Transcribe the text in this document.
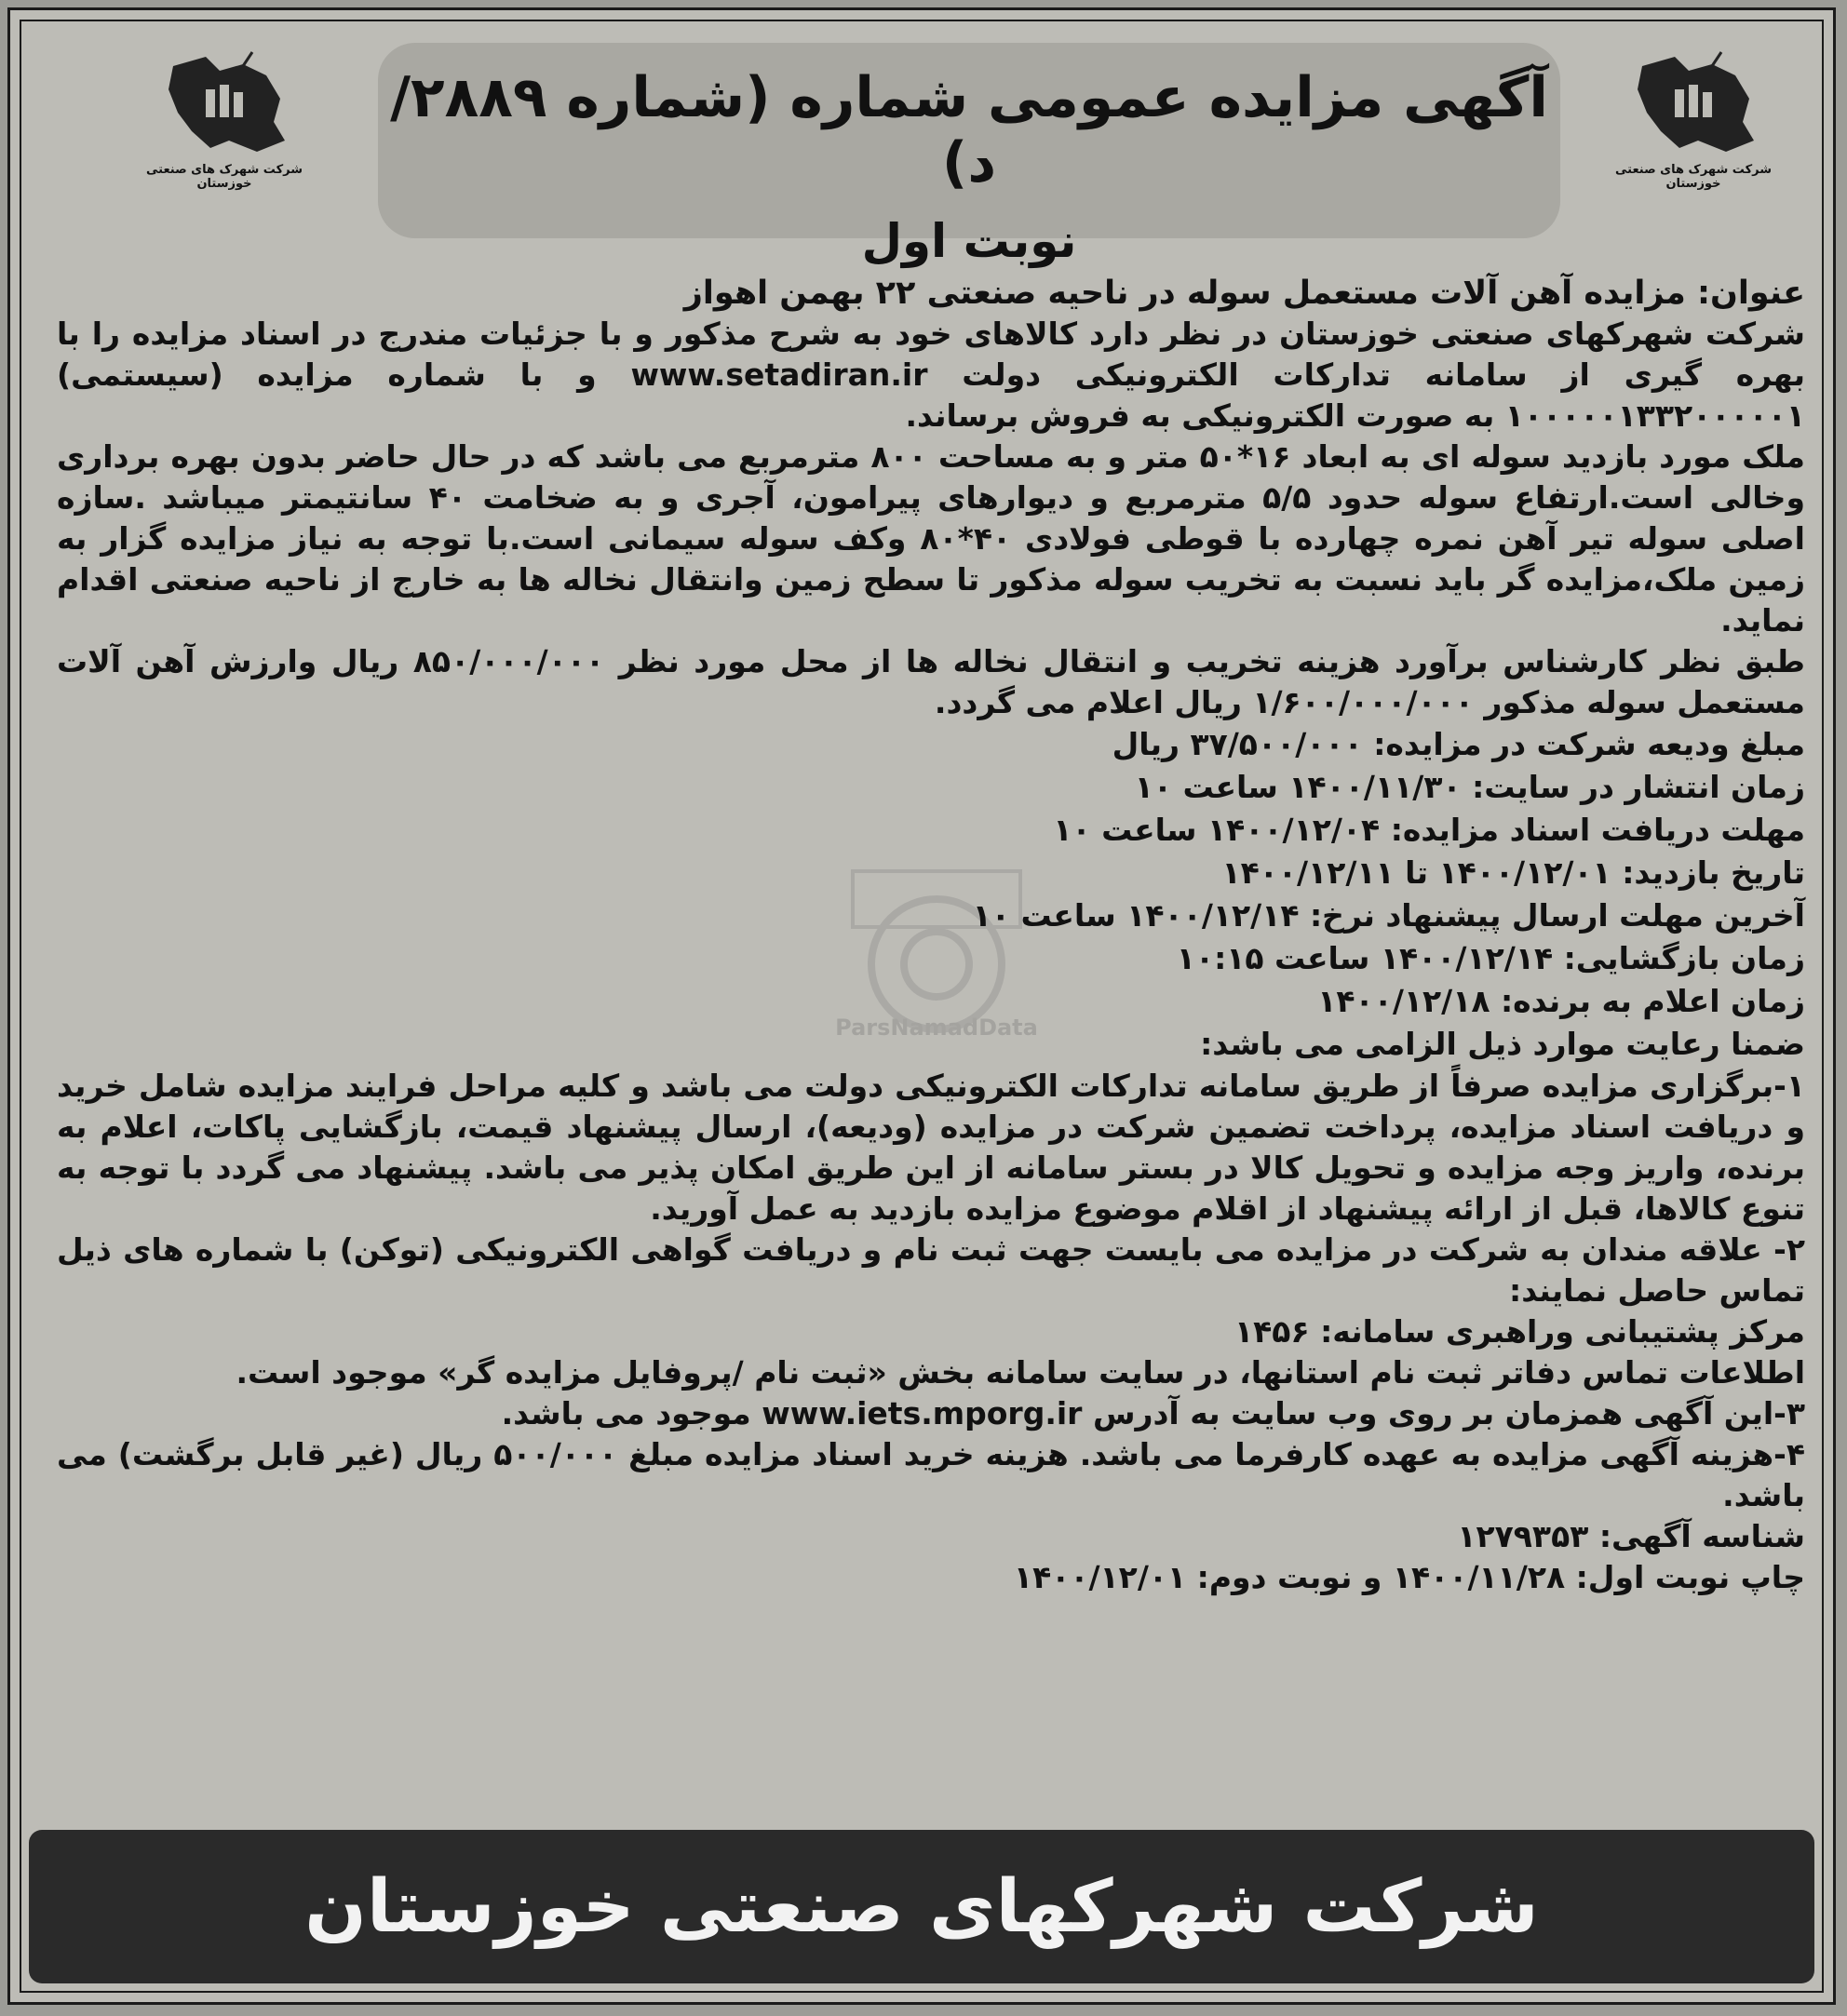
شرکت شهرک های صنعتی خوزستان
شرکت شهرک های صنعتی خوزستان
آگهی مزایده عمومی شماره (شماره ۲۸۸۹/د)
نوبت اول
ParsNamadData

عنوان: مزایده آهن آلات مستعمل سوله در ناحیه صنعتی ۲۲ بهمن اهواز

شرکت شهرکهای صنعتی خوزستان در نظر دارد کالاهای خود به شرح مذکور و با جزئیات مندرج در اسناد مزایده را با بهره گیری از سامانه تدارکات الکترونیکی دولت www.setadiran.ir و با شماره مزایده (سیستمی) ۱۰۰۰۰۰۱۳۳۲۰۰۰۰۰۱ به صورت الکترونیکی به فروش برساند.

ملک مورد بازدید سوله ای به ابعاد ۱۶*۵۰ متر و به مساحت ۸۰۰ مترمربع می باشد که در حال حاضر بدون بهره برداری وخالی است.ارتفاع سوله حدود ۵/۵ مترمربع و دیوارهای پیرامون، آجری و به ضخامت ۴۰ سانتیمتر میباشد .سازه اصلی سوله تیر آهن نمره چهارده با قوطی فولادی ۴۰*۸۰ وکف سوله سیمانی است.با توجه به نیاز مزایده گزار به زمین ملک،مزایده گر باید نسبت به تخریب سوله مذکور تا سطح زمین وانتقال نخاله ها به خارج از ناحیه صنعتی اقدام نماید.

طبق نظر کارشناس برآورد هزینه تخریب و انتقال نخاله ها از محل مورد نظر ۸۵۰/۰۰۰/۰۰۰ ریال وارزش آهن آلات مستعمل سوله مذکور ۱/۶۰۰/۰۰۰/۰۰۰ ریال اعلام می گردد.

مبلغ ودیعه شرکت در مزایده: ۳۷/۵۰۰/۰۰۰ ریال

زمان انتشار در سایت: ۱۴۰۰/۱۱/۳۰ ساعت ۱۰

مهلت دریافت اسناد مزایده: ۱۴۰۰/۱۲/۰۴ ساعت ۱۰

تاریخ بازدید: ۱۴۰۰/۱۲/۰۱ تا ۱۴۰۰/۱۲/۱۱

آخرین مهلت ارسال پیشنهاد نرخ: ۱۴۰۰/۱۲/۱۴ ساعت ۱۰

زمان بازگشایی: ۱۴۰۰/۱۲/۱۴ ساعت ۱۰:۱۵

زمان اعلام به برنده: ۱۴۰۰/۱۲/۱۸

ضمنا رعایت موارد ذیل الزامی می باشد:

۱-برگزاری مزایده صرفاً از طریق سامانه تدارکات الکترونیکی دولت می باشد و کلیه مراحل فرایند مزایده شامل خرید و دریافت اسناد مزایده، پرداخت تضمین شرکت در مزایده (ودیعه)، ارسال پیشنهاد قیمت، بازگشایی پاکات، اعلام به برنده، واریز وجه مزایده و تحویل کالا در بستر سامانه از این طریق امکان پذیر می باشد. پیشنهاد می گردد با توجه به تنوع کالاها، قبل از ارائه پیشنهاد از اقلام موضوع مزایده بازدید به عمل آورید.

۲- علاقه مندان به شرکت در مزایده می بایست جهت ثبت نام و دریافت گواهی الکترونیکی (توکن) با شماره های ذیل تماس حاصل نمایند:

مرکز پشتیبانی وراهبری سامانه: ۱۴۵۶

اطلاعات تماس دفاتر ثبت نام استانها، در سایت سامانه بخش «ثبت نام /پروفایل مزایده گر» موجود است.

۳-این آگهی همزمان بر روی وب سایت به آدرس www.iets.mporg.ir موجود می باشد.

۴-هزینه آگهی مزایده به عهده کارفرما می باشد. هزینه خرید اسناد مزایده مبلغ ۵۰۰/۰۰۰ ریال (غیر قابل برگشت) می باشد.

شناسه آگهی: ۱۲۷۹۳۵۳

چاپ نوبت اول: ۱۴۰۰/۱۱/۲۸ و نوبت دوم: ۱۴۰۰/۱۲/۰۱

شرکت شهرکهای صنعتی خوزستان
